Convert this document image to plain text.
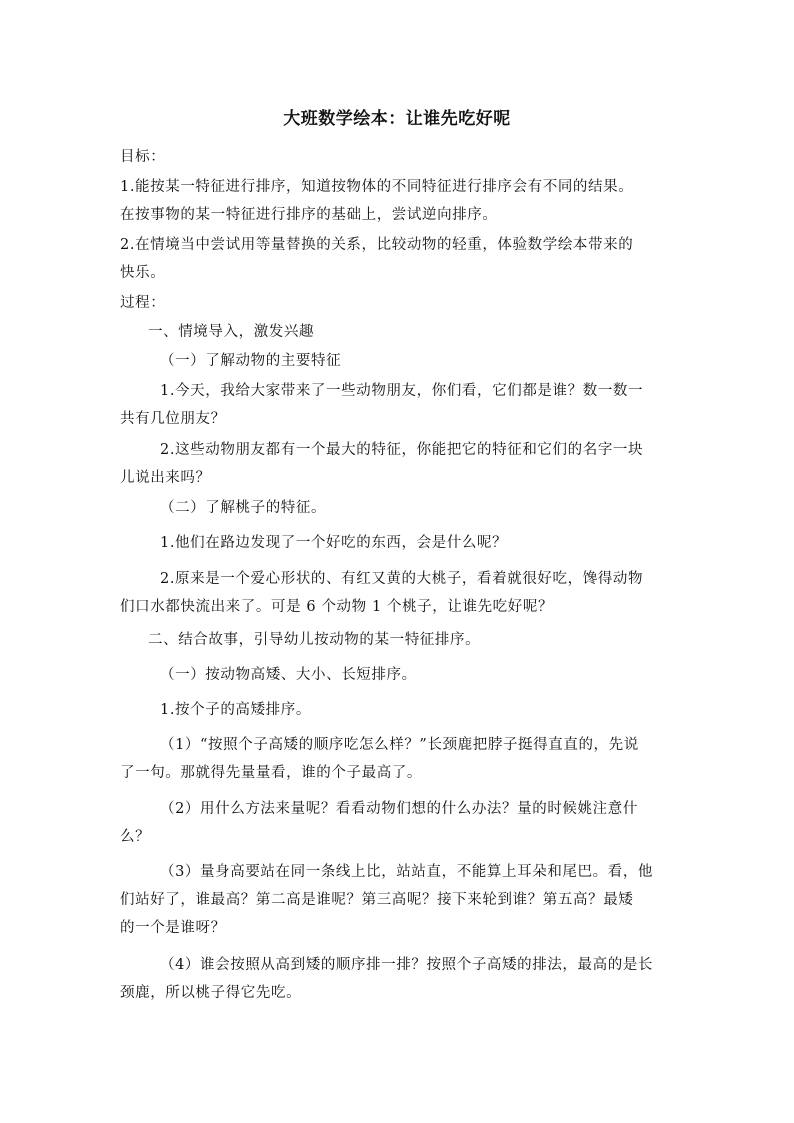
大班数学绘本：让谁先吃好呢
目标：
1.能按某一特征进行排序，知道按物体的不同特征进行排序会有不同的结果。
在按事物的某一特征进行排序的基础上，尝试逆向排序。
2.在情境当中尝试用等量替换的关系，比较动物的轻重，体验数学绘本带来的
快乐。
过程：
一、情境导入，激发兴趣
（一）了解动物的主要特征
1.今天，我给大家带来了一些动物朋友，你们看，它们都是谁？数一数一
共有几位朋友？
2.这些动物朋友都有一个最大的特征，你能把它的特征和它们的名字一块
儿说出来吗？
（二）了解桃子的特征。
1.他们在路边发现了一个好吃的东西，会是什么呢？
2.原来是一个爱心形状的、有红又黄的大桃子，看着就很好吃，馋得动物
们口水都快流出来了。可是 6 个动物 1 个桃子，让谁先吃好呢？
二、结合故事，引导幼儿按动物的某一特征排序。
（一）按动物高矮、大小、长短排序。
1.按个子的高矮排序。
（1）“按照个子高矮的顺序吃怎么样？”长颈鹿把脖子挺得直直的，先说
了一句。那就得先量量看，谁的个子最高了。
（2）用什么方法来量呢？看看动物们想的什么办法？量的时候姚注意什
么？
（3）量身高要站在同一条线上比，站站直，不能算上耳朵和尾巴。看，他
们站好了，谁最高？第二高是谁呢？第三高呢？接下来轮到谁？第五高？最矮
的一个是谁呀？
（4）谁会按照从高到矮的顺序排一排？按照个子高矮的排法，最高的是长
颈鹿，所以桃子得它先吃。
